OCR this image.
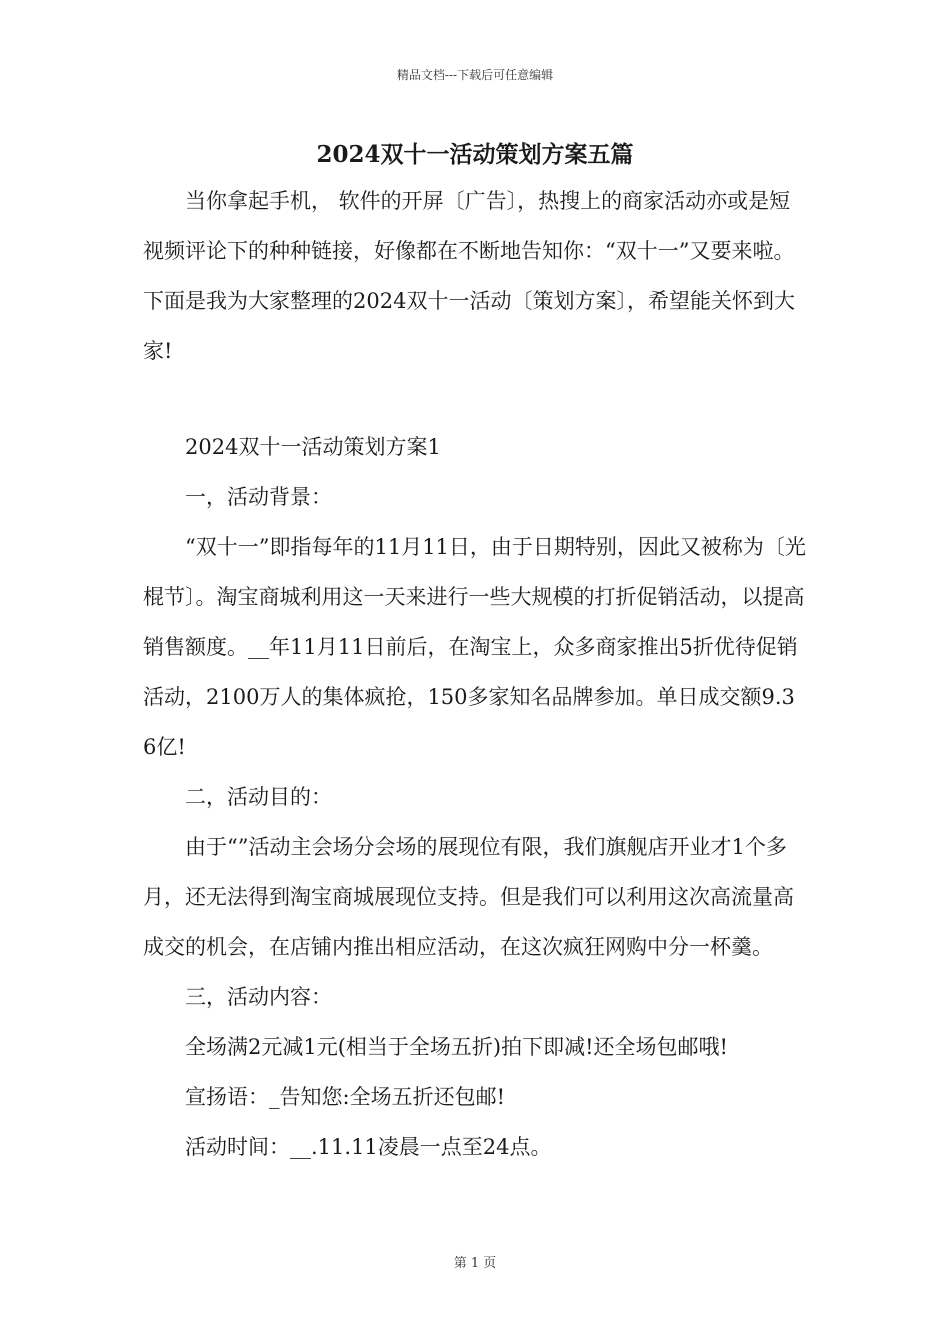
精品文档---下载后可任意编辑
2024双十一活动策划方案五篇

当你拿起手机， 软件的开屏〔广告〕，热搜上的商家活动亦或是短视频评论下的种种链接，好像都在不断地告知你：“双十一”又要来啦。下面是我为大家整理的2024双十一活动〔策划方案〕，希望能关怀到大家!

2024双十一活动策划方案1

一，活动背景：

“双十一”即指每年的11月11日，由于日期特别，因此又被称为〔光棍节〕。淘宝商城利用这一天来进行一些大规模的打折促销活动，以提高销售额度。__年11月11日前后，在淘宝上，众多商家推出5折优待促销活动，2100万人的集体疯抢，150多家知名品牌参加。单日成交额9.36亿!

二，活动目的：

由于“”活动主会场分会场的展现位有限，我们旗舰店开业才1个多月，还无法得到淘宝商城展现位支持。但是我们可以利用这次高流量高成交的机会，在店铺内推出相应活动，在这次疯狂网购中分一杯羹。

三，活动内容：

全场满2元减1元(相当于全场五折)拍下即减!还全场包邮哦!

宣扬语：_告知您:全场五折还包邮!

活动时间：__.11.11凌晨一点至24点。

第 1 页
